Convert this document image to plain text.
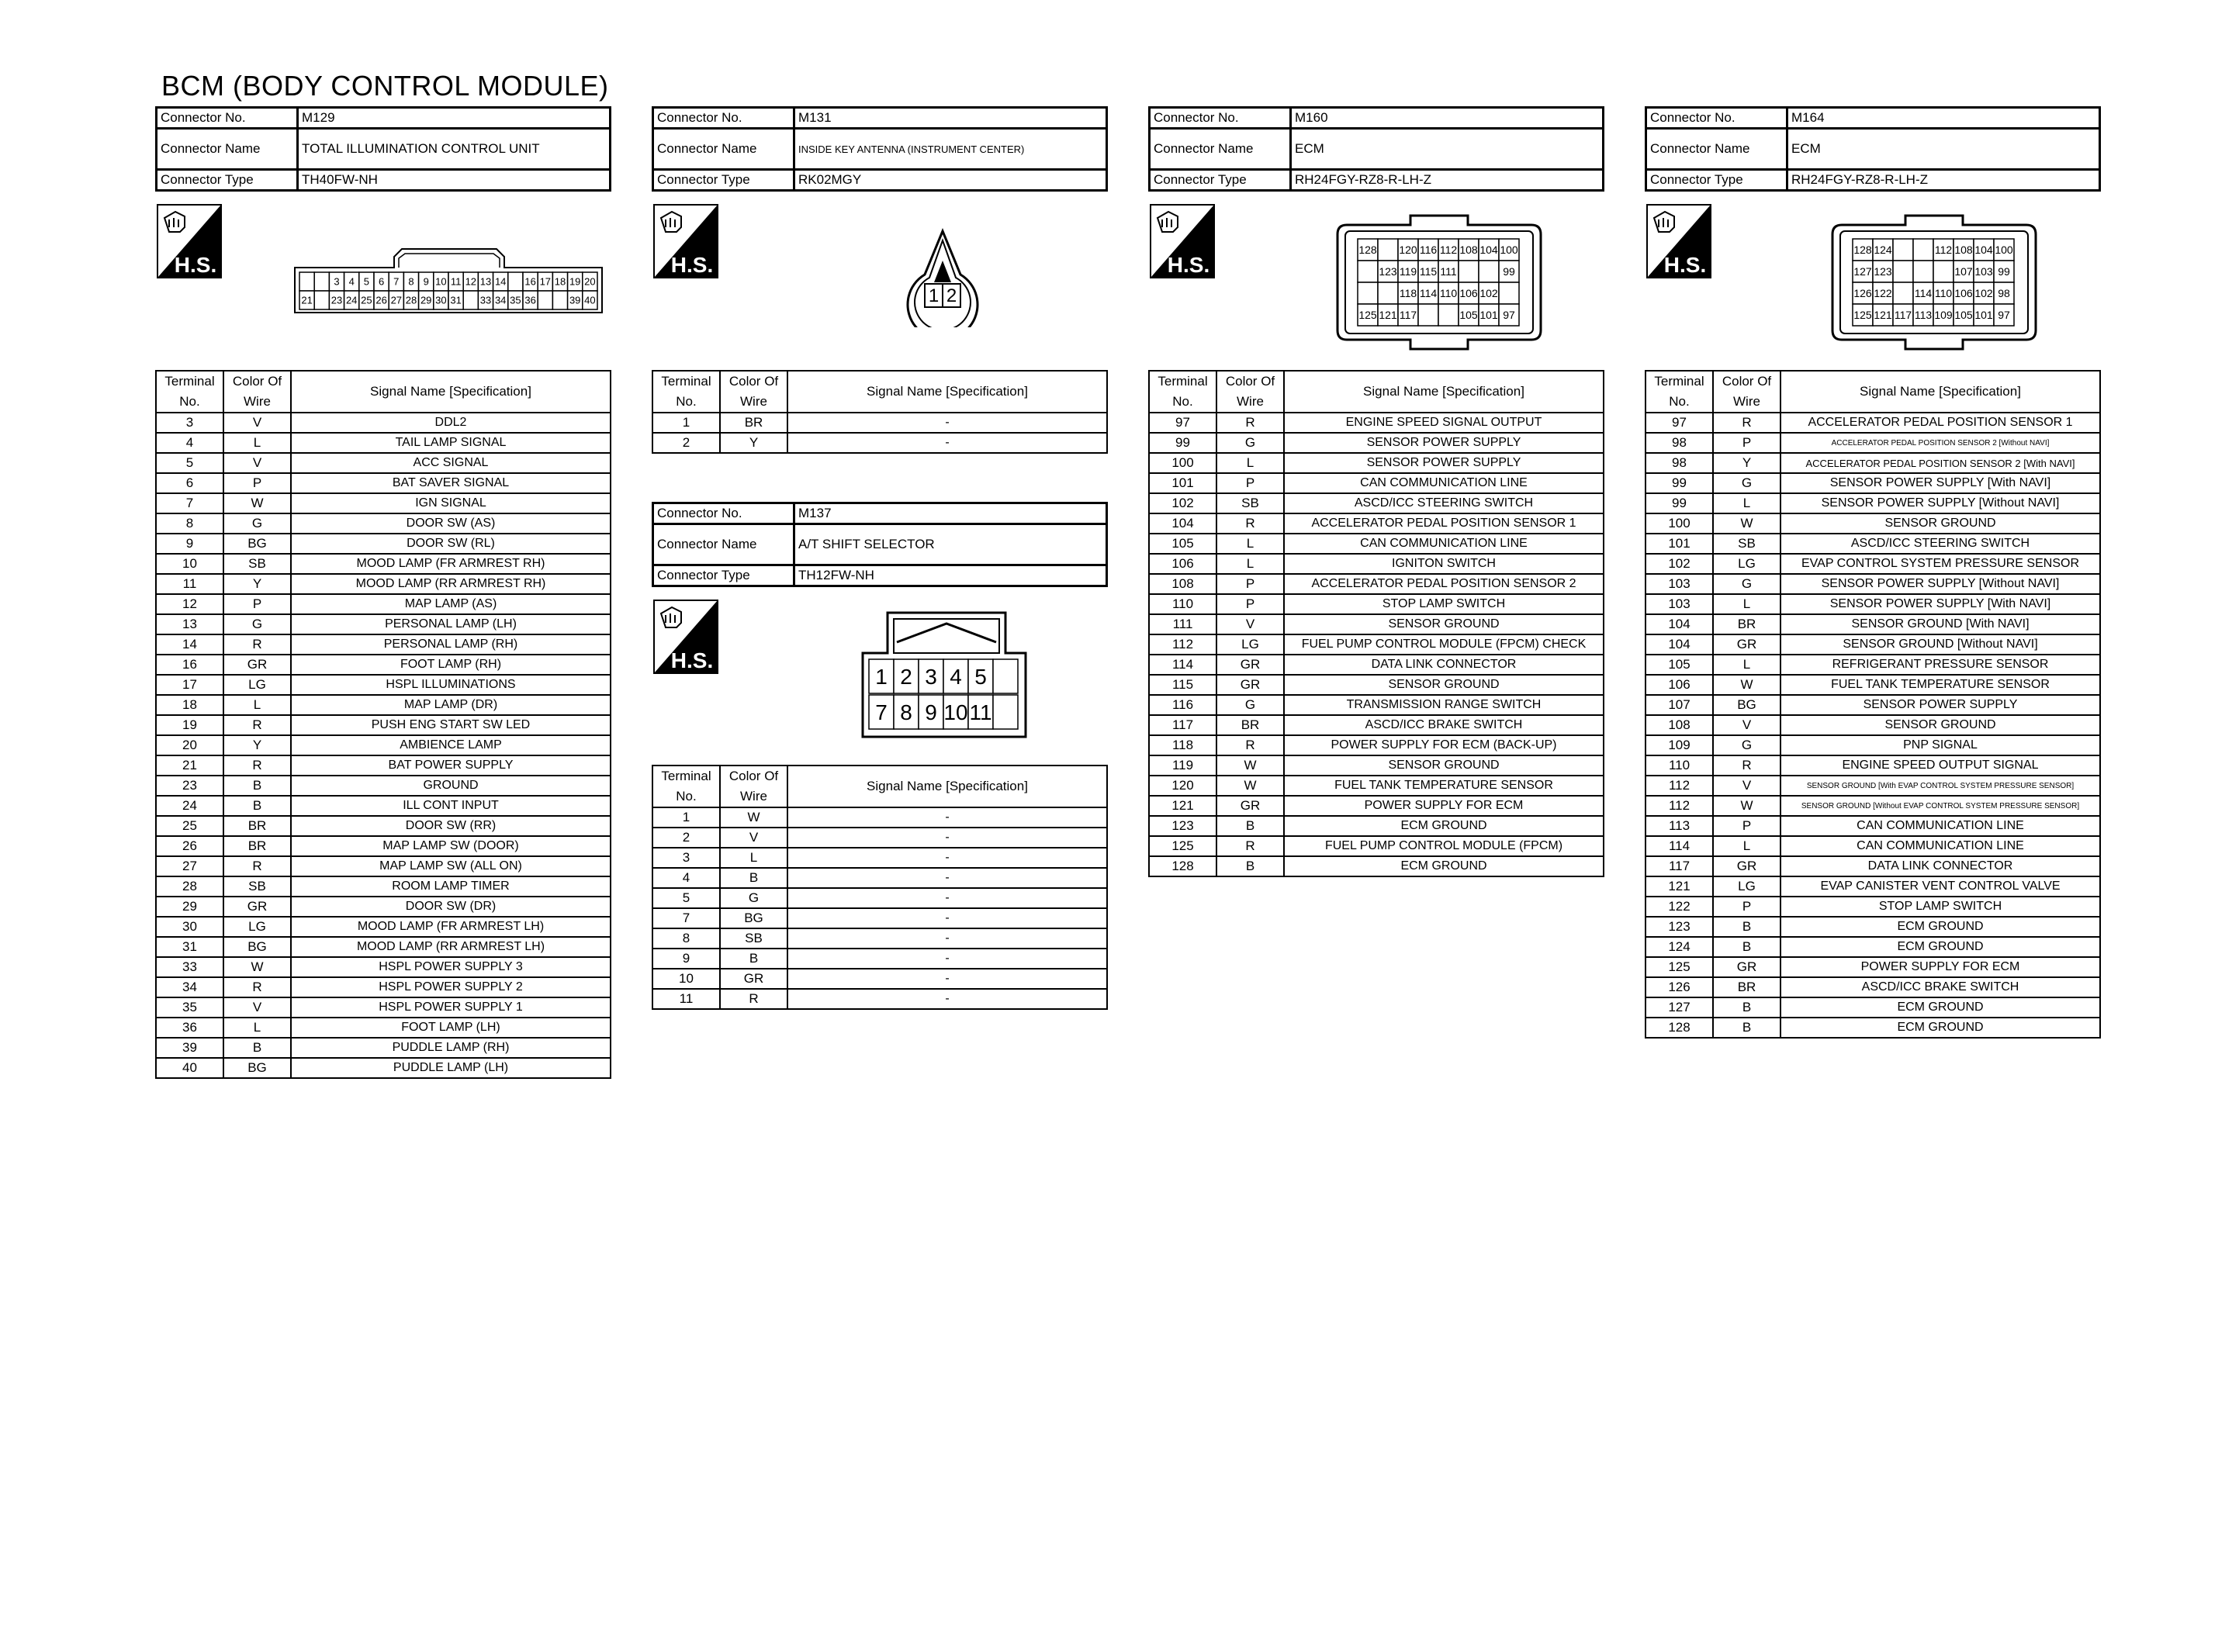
BCM (BODY CONTROL MODULE)
Connector No.	M129
Connector Name	TOTAL ILLUMINATION CONTROL UNIT
Connector Type	TH40FW-NH
Connector No.	M131
Connector Name	INSIDE KEY ANTENNA (INSTRUMENT CENTER)
Connector Type	RK02MGY
Connector No.	M160
Connector Name	ECM
Connector Type	RH24FGY-RZ8-R-LH-Z
Connector No.	M164
Connector Name	ECM
Connector Type	RH24FGY-RZ8-R-LH-Z
Connector No.	M137
Connector Name	A/T SHIFT SELECTOR
Connector Type	TH12FW-NH
H.S.	H.S.	H.S.	H.S.
H.S.
3 4 5 6 7 8 9 10 11 12 13 14 16 17 18 19 20
21 23 24 25 26 27 28 29 30 31 33 34 35 36	39 40	1 2
1 2 3 4 5
7 8 9 10 11
128 120 116 112 108 104 100
123 119 115 111	99
118 114 110 106 102
125 121 117	105 101 97
128 124	112 108 104 100
127 123	107 103 99
126 122 114 110 106 102 98
125 121 117 113 109 105 101 97
Terminal
No.	Color Of
Wire	Signal Name [Specification]
3	V	DDL2
4	L	TAIL LAMP SIGNAL
5	V	ACC SIGNAL
6	P	BAT SAVER SIGNAL
7	W	IGN SIGNAL
8	G	DOOR SW (AS)
9	BG	DOOR SW (RL)
10	SB	MOOD LAMP (FR ARMREST RH)
11	Y	MOOD LAMP (RR ARMREST RH)
12	P	MAP LAMP (AS)
13	G	PERSONAL LAMP (LH)
14	R	PERSONAL LAMP (RH)
16	GR	FOOT LAMP (RH)
17	LG	HSPL ILLUMINATIONS
18	L	MAP LAMP (DR)
19	R	PUSH ENG START SW LED
20	Y	AMBIENCE LAMP
21	R	BAT POWER SUPPLY
23	B	GROUND
24	B	ILL CONT INPUT
25	BR	DOOR SW (RR)
26	BR	MAP LAMP SW (DOOR)
27	R	MAP LAMP SW (ALL ON)
28	SB	ROOM LAMP TIMER
29	GR	DOOR SW (DR)
30	LG	MOOD LAMP (FR ARMREST LH)
31	BG	MOOD LAMP (RR ARMREST LH)
33	W	HSPL POWER SUPPLY 3
34	R	HSPL POWER SUPPLY 2
35	V	HSPL POWER SUPPLY 1
36	L	FOOT LAMP (LH)
39	B	PUDDLE LAMP (RH)
40	BG	PUDDLE LAMP (LH)
Terminal
No.	Color Of
Wire	Signal Name [Specification]
1	BR	-
2	Y	-
Terminal
No.	Color Of
Wire	Signal Name [Specification]
1	W	-
2	V	-
3	L	-
4	B	-
5	G	-
7	BG	-
8	SB	-
9	B	-
10	GR	-
11	R	-
Terminal
No.	Color Of
Wire	Signal Name [Specification]
97	R	ENGINE SPEED SIGNAL OUTPUT
99	G	SENSOR POWER SUPPLY
100	L	SENSOR POWER SUPPLY
101	P	CAN COMMUNICATION LINE
102	SB	ASCD/ICC STEERING SWITCH
104	R	ACCELERATOR PEDAL POSITION SENSOR 1
105	L	CAN COMMUNICATION LINE
106	L	IGNITON SWITCH
108	P	ACCELERATOR PEDAL POSITION SENSOR 2
110	P	STOP LAMP SWITCH
111	V	SENSOR GROUND
112	LG	FUEL PUMP CONTROL MODULE (FPCM) CHECK
114	GR	DATA LINK CONNECTOR
115	GR	SENSOR GROUND
116	G	TRANSMISSION RANGE SWITCH
117	BR	ASCD/ICC BRAKE SWITCH
118	R	POWER SUPPLY FOR ECM (BACK-UP)
119	W	SENSOR GROUND
120	W	FUEL TANK TEMPERATURE SENSOR
121	GR	POWER SUPPLY FOR ECM
123	B	ECM GROUND
125	R	FUEL PUMP CONTROL MODULE (FPCM)
128	B	ECM GROUND
Terminal
No.	Color Of
Wire	Signal Name [Specification]
97	R	ACCELERATOR PEDAL POSITION SENSOR 1
98	P	ACCELERATOR PEDAL POSITION SENSOR 2 [Without NAVI]
98	Y	ACCELERATOR PEDAL POSITION SENSOR 2 [With NAVI]
99	G	SENSOR POWER SUPPLY [With NAVI]
99	L	SENSOR POWER SUPPLY [Without NAVI]
100	W	SENSOR GROUND
101	SB	ASCD/ICC STEERING SWITCH
102	LG	EVAP CONTROL SYSTEM PRESSURE SENSOR
103	G	SENSOR POWER SUPPLY [Without NAVI]
103	L	SENSOR POWER SUPPLY [With NAVI]
104	BR	SENSOR GROUND [With NAVI]
104	GR	SENSOR GROUND [Without NAVI]
105	L	REFRIGERANT PRESSURE SENSOR
106	W	FUEL TANK TEMPERATURE SENSOR
107	BG	SENSOR POWER SUPPLY
108	V	SENSOR GROUND
109	G	PNP SIGNAL
110	R	ENGINE SPEED OUTPUT SIGNAL
112	V	SENSOR GROUND [With EVAP CONTROL SYSTEM PRESSURE SENSOR]
112	W	SENSOR GROUND [Without EVAP CONTROL SYSTEM PRESSURE SENSOR]
113	P	CAN COMMUNICATION LINE
114	L	CAN COMMUNICATION LINE
117	GR	DATA LINK CONNECTOR
121	LG	EVAP CANISTER VENT CONTROL VALVE
122	P	STOP LAMP SWITCH
123	B	ECM GROUND
124	B	ECM GROUND
125	GR	POWER SUPPLY FOR ECM
126	BR	ASCD/ICC BRAKE SWITCH
127	B	ECM GROUND
128	B	ECM GROUND
